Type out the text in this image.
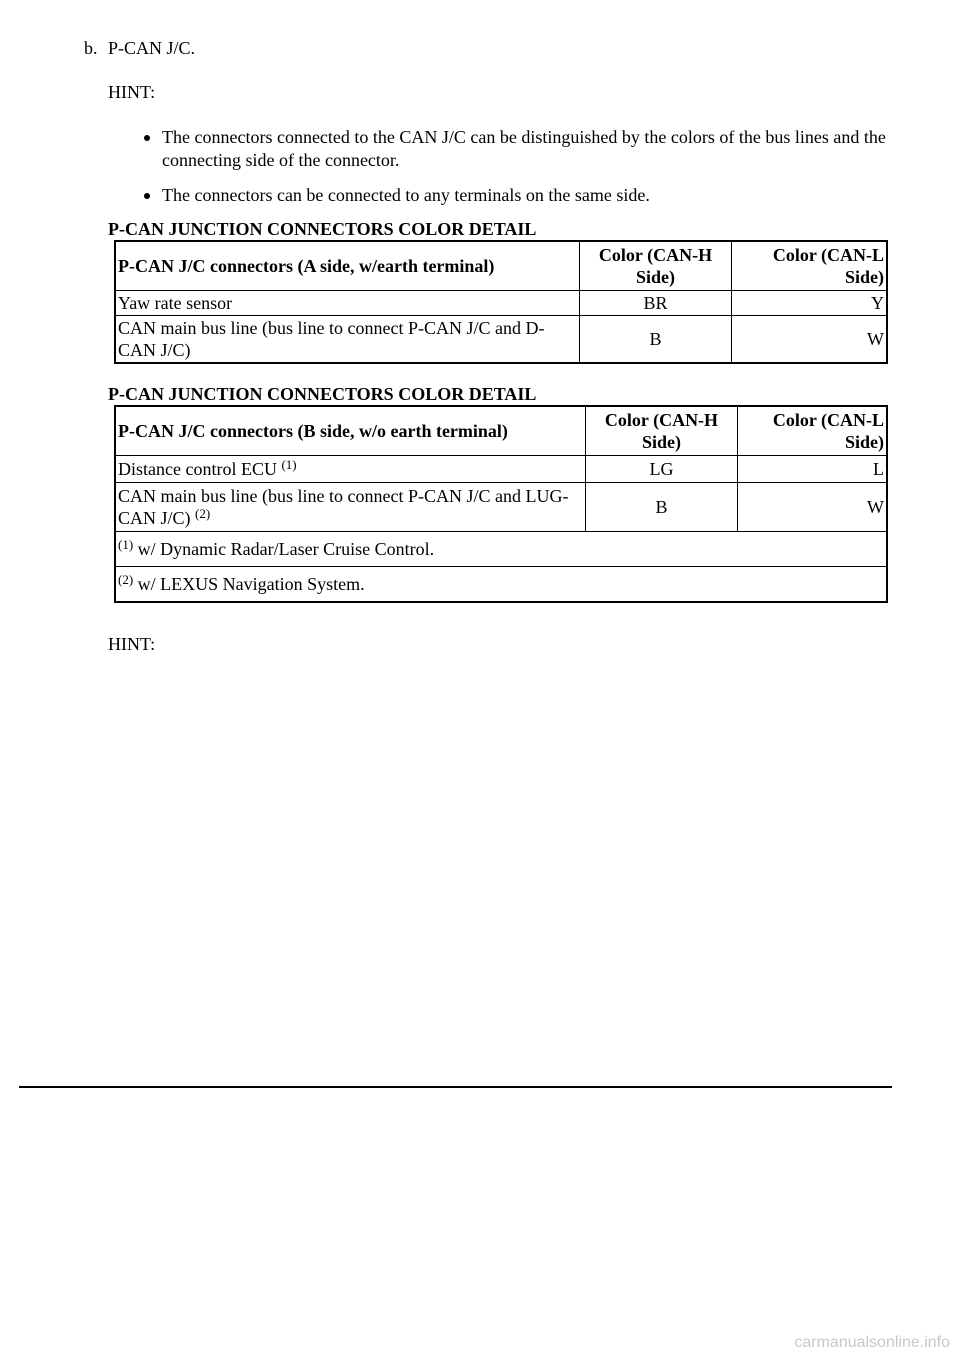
b. P-CAN J/C.
HINT:
The connectors connected to the CAN J/C can be distinguished by the colors of the bus lines and the connecting side of the connector.
The connectors can be connected to any terminals on the same side.
P-CAN JUNCTION CONNECTORS COLOR DETAIL
P-CAN J/C connectors (A side, w/earth terminal)	Color (CAN-H Side)	Color (CAN-L Side)
Yaw rate sensor	BR	Y
CAN main bus line (bus line to connect P-CAN J/C and D-CAN J/C)	B	W
P-CAN JUNCTION CONNECTORS COLOR DETAIL
P-CAN J/C connectors (B side, w/o earth terminal)	Color (CAN-H Side)	Color (CAN-L Side)
Distance control ECU $^{(1)}$	LG	L
CAN main bus line (bus line to connect P-CAN J/C and LUG-CAN J/C) $^{(2)}$	B	W
$^{(1)}$ w/ Dynamic Radar/Laser Cruise Control.		
$^{(2)}$ w/ LEXUS Navigation System.		
HINT:
carmanualsonline.info
